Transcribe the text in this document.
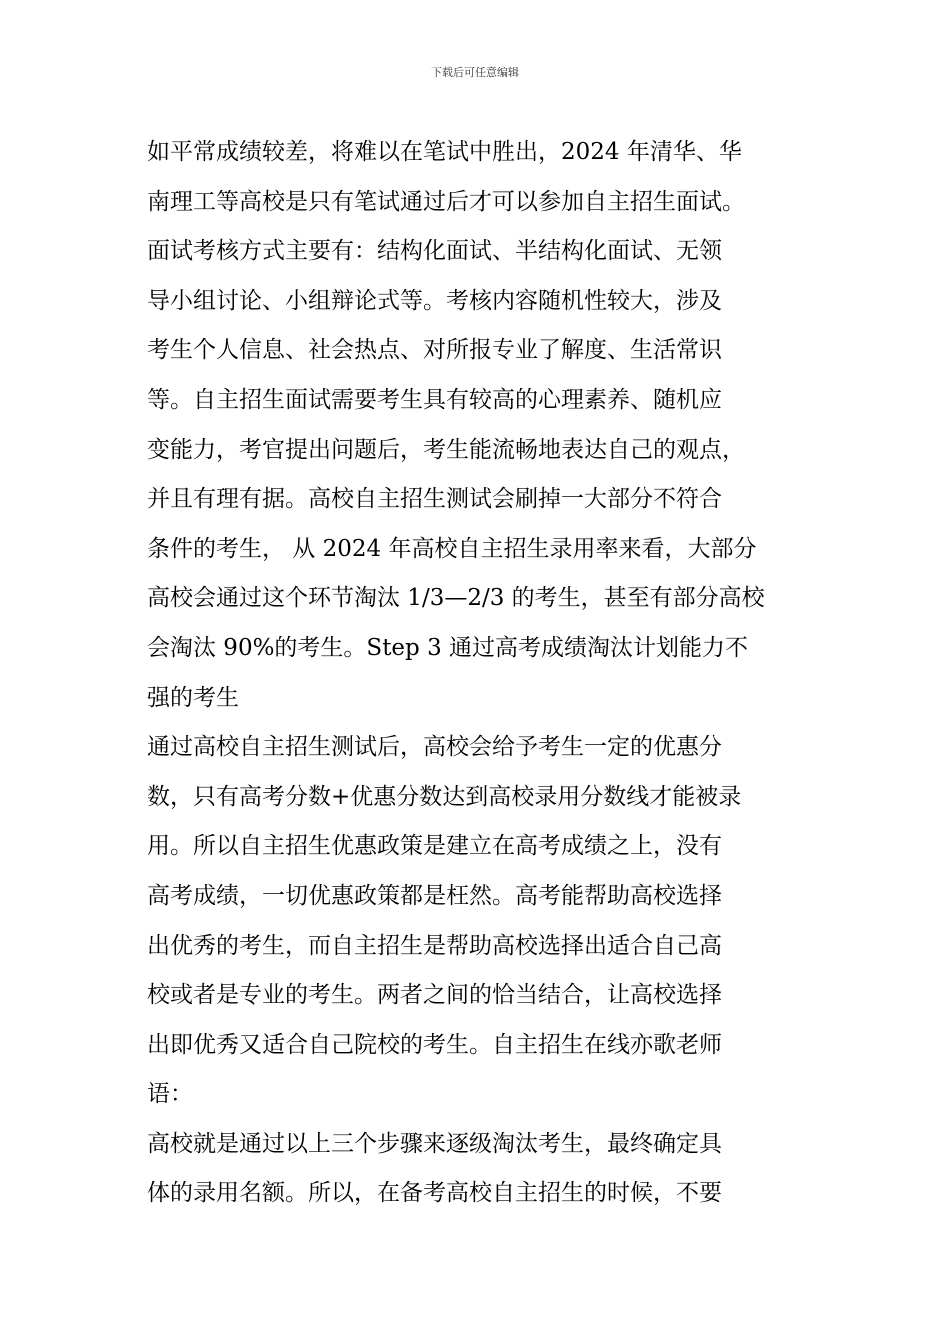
下载后可任意编辑
如平常成绩较差，将难以在笔试中胜出，2024 年清华、华
南理工等高校是只有笔试通过后才可以参加自主招生面试。
面试考核方式主要有：结构化面试、半结构化面试、无领
导小组讨论、小组辩论式等。考核内容随机性较大，涉及
考生个人信息、社会热点、对所报专业了解度、生活常识
等。自主招生面试需要考生具有较高的心理素养、随机应
变能力，考官提出问题后，考生能流畅地表达自己的观点，
并且有理有据。高校自主招生测试会刷掉一大部分不符合
条件的考生， 从 2024 年高校自主招生录用率来看，大部分
高校会通过这个环节淘汰 1/3—2/3 的考生，甚至有部分高校
会淘汰 90%的考生。Step 3 通过高考成绩淘汰计划能力不
强的考生
通过高校自主招生测试后，高校会给予考生一定的优惠分
数，只有高考分数+优惠分数达到高校录用分数线才能被录
用。所以自主招生优惠政策是建立在高考成绩之上，没有
高考成绩，一切优惠政策都是枉然。高考能帮助高校选择
出优秀的考生，而自主招生是帮助高校选择出适合自己高
校或者是专业的考生。两者之间的恰当结合，让高校选择
出即优秀又适合自己院校的考生。自主招生在线亦歌老师
语：
高校就是通过以上三个步骤来逐级淘汰考生，最终确定具
体的录用名额。所以，在备考高校自主招生的时候，不要
